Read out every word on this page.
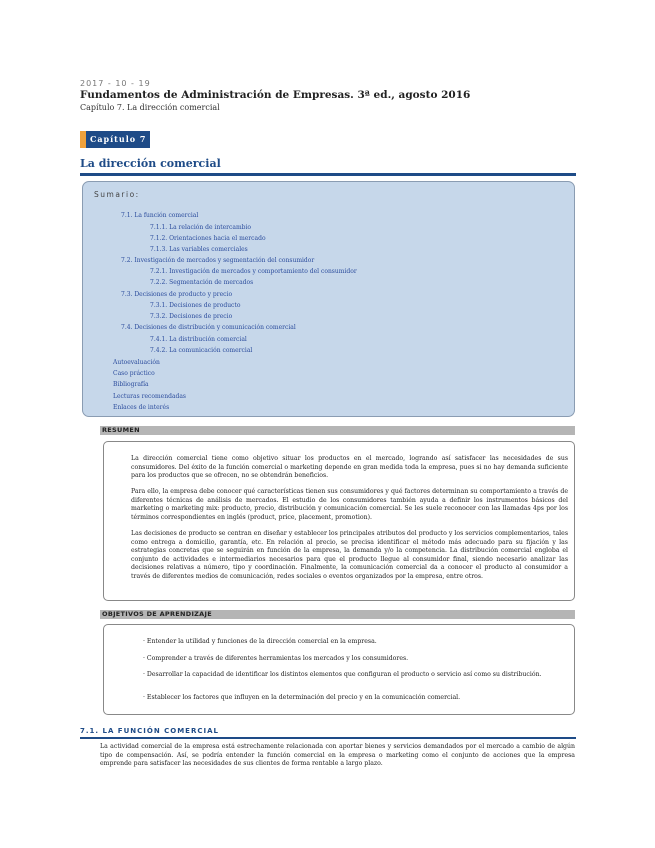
2017 - 10 - 19
Fundamentos de Administración de Empresas. 3ª ed., agosto 2016
Capítulo 7. La dirección comercial
Capítulo 7
La dirección comercial
Sumario:
7.1. La función comercial
7.1.1. La relación de intercambio
7.1.2. Orientaciones hacia el mercado
7.1.3. Las variables comerciales
7.2. Investigación de mercados y segmentación del consumidor
7.2.1. Investigación de mercados y comportamiento del consumidor
7.2.2. Segmentación de mercados
7.3. Decisiones de producto y precio
7.3.1. Decisiones de producto
7.3.2. Decisiones de precio
7.4. Decisiones de distribución y comunicación comercial
7.4.1. La distribución comercial
7.4.2. La comunicación comercial
Autoevaluación
Caso práctico
Bibliografía
Lecturas recomendadas
Enlaces de interés
RESUMEN
La dirección comercial tiene como objetivo situar los productos en el mercado, logrando así satisfacer las necesidades de sus consumidores. Del éxito de la función comercial o marketing depende en gran medida toda la empresa, pues si no hay demanda suficiente para los productos que se ofrecen, no se obtendrán beneficios.
Para ello, la empresa debe conocer qué características tienen sus consumidores y qué factores determinan su comportamiento a través de diferentes técnicas de análisis de mercados. El estudio de los consumidores también ayuda a definir los instrumentos básicos del marketing o marketing mix: producto, precio, distribución y comunicación comercial. Se les suele reconocer con las llamadas 4ps por los términos correspondientes en inglés (product, price, placement, promotion).
Las decisiones de producto se centran en diseñar y establecer los principales atributos del producto y los servicios complementarios, tales como entrega a domicilio, garantía, etc. En relación al precio, se precisa identificar el método más adecuado para su fijación y las estrategias concretas que se seguirán en función de la empresa, la demanda y/o la competencia. La distribución comercial engloba el conjunto de actividades e intermediarios necesarios para que el producto llegue al consumidor final, siendo necesario analizar las decisiones relativas a número, tipo y coordinación. Finalmente, la comunicación comercial da a conocer el producto al consumidor a través de diferentes medios de comunicación, redes sociales o eventos organizados por la empresa, entre otros.
OBJETIVOS DE APRENDIZAJE
· Entender la utilidad y funciones de la dirección comercial en la empresa.
· Comprender a través de diferentes herramientas los mercados y los consumidores.
· Desarrollar la capacidad de identificar los distintos elementos que configuran el producto o servicio así como su distribución.
· Establecer los factores que influyen en la determinación del precio y en la comunicación comercial.
7.1. LA FUNCIÓN COMERCIAL
La actividad comercial de la empresa está estrechamente relacionada con aportar bienes y servicios demandados por el mercado a cambio de algún tipo de compensación. Así, se podría entender la función comercial en la empresa o marketing como el conjunto de acciones que la empresa emprende para satisfacer las necesidades de sus clientes de forma rentable a largo plazo.
